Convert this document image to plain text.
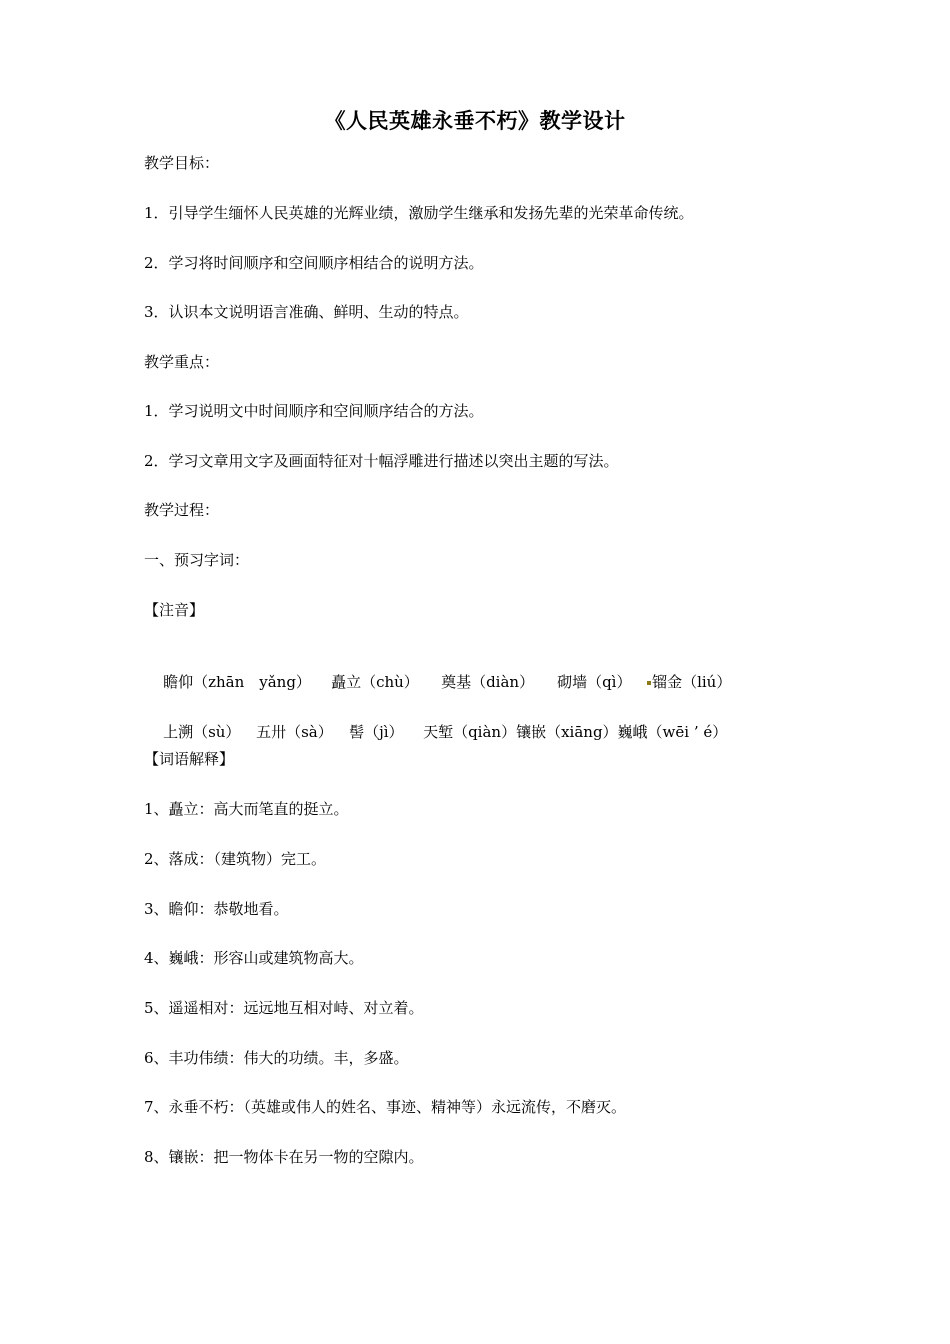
《人民英雄永垂不朽》教学设计
教学目标：
1．引导学生缅怀人民英雄的光辉业绩，激励学生继承和发扬先辈的光荣革命传统。
2．学习将时间顺序和空间顺序相结合的说明方法。
3．认识本文说明语言准确、鲜明、生动的特点。
教学重点：
1．学习说明文中时间顺序和空间顺序结合的方法。
2．学习文章用文字及画面特征对十幅浮雕进行描述以突出主题的写法。
教学过程：
一、预习字词：
【注音】

瞻仰（zhān　yǎng） 矗立（chù） 奠基（diàn） 砌墙（qì） 镏金（liú）

上溯（sù） 五卅（sà） 髻（jì） 天堑（qiàn）镶嵌（xiāng）巍峨（wēi ’ é）

【词语解释】
1、矗立：高大而笔直的挺立。
2、落成：（建筑物）完工。
3、瞻仰：恭敬地看。
4、巍峨：形容山或建筑物高大。
5、遥遥相对：远远地互相对峙、对立着。
6、丰功伟绩：伟大的功绩。丰，多盛。
7、永垂不朽：（英雄或伟人的姓名、事迹、精神等）永远流传，不磨灭。
8、镶嵌：把一物体卡在另一物的空隙内。
